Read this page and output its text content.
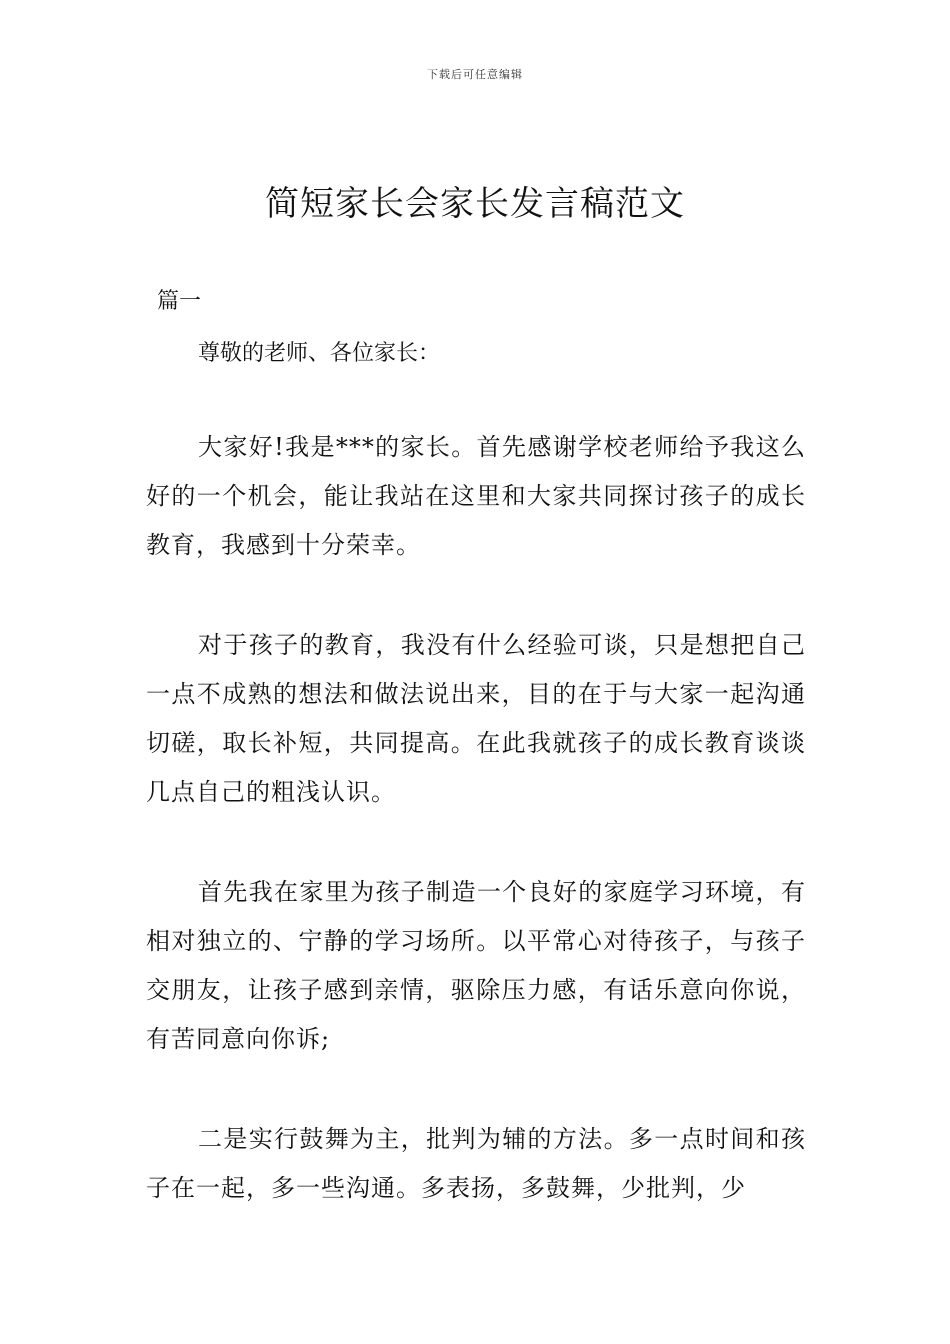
下载后可任意编辑
简短家长会家长发言稿范文
篇一
尊敬的老师、各位家长：

大家好!我是***的家长。首先感谢学校老师给予我这么好的一个机会，能让我站在这里和大家共同探讨孩子的成长教育，我感到十分荣幸。

对于孩子的教育，我没有什么经验可谈，只是想把自己一点不成熟的想法和做法说出来，目的在于与大家一起沟通切磋，取长补短，共同提高。在此我就孩子的成长教育谈谈几点自己的粗浅认识。

首先我在家里为孩子制造一个良好的家庭学习环境，有相对独立的、宁静的学习场所。以平常心对待孩子，与孩子交朋友，让孩子感到亲情，驱除压力感，有话乐意向你说，有苦同意向你诉;

二是实行鼓舞为主，批判为辅的方法。多一点时间和孩子在一起，多一些沟通。多表扬，多鼓舞，少批判，少
